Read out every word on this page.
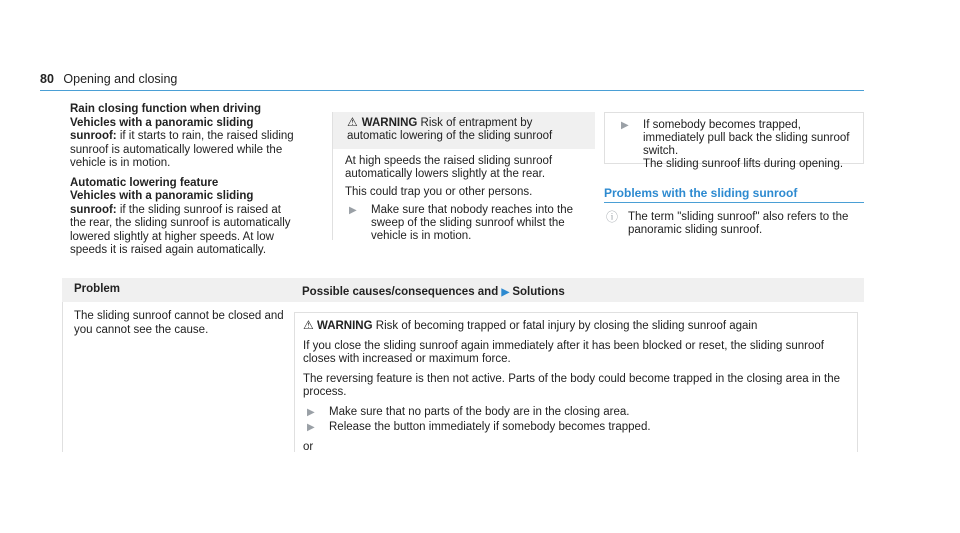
80 Opening and closing

Rain closing function when driving

Vehicles with a panoramic sliding sunroof: if it starts to rain, the raised sliding sunroof is automatically lowered while the vehicle is in motion.

Automatic lowering feature

Vehicles with a panoramic sliding sunroof: if the sliding sunroof is raised at the rear, the sliding sunroof is automatically lowered slightly at higher speeds. At low speeds it is raised again automatically.

⚠ WARNING Risk of entrapment by automatic lowering of the sliding sunroof

At high speeds the raised sliding sunroof automatically lowers slightly at the rear.

This could trap you or other persons.

▶	Make sure that nobody reaches into the sweep of the sliding sunroof whilst the vehicle is in motion.
▶	If somebody becomes trapped, immediately pull back the sliding sunroof switch.
The sliding sunroof lifts during opening.
Problems with the sliding sunroof
ⓘ The term "sliding sunroof" also refers to the panoramic sliding sunroof.
Problem	Possible causes/consequences and ▶ Solutions
The sliding sunroof cannot be closed and you cannot see the cause.	⚠ WARNING Risk of becoming trapped or fatal injury by closing the sliding sunroof again

If you close the sliding sunroof again immediately after it has been blocked or reset, the sliding sunroof closes with increased or maximum force.

The reversing feature is then not active. Parts of the body could become trapped in the closing area in the process.

▶	Make sure that no parts of the body are in the closing area.
▶	Release the button immediately if somebody becomes trapped.

or
